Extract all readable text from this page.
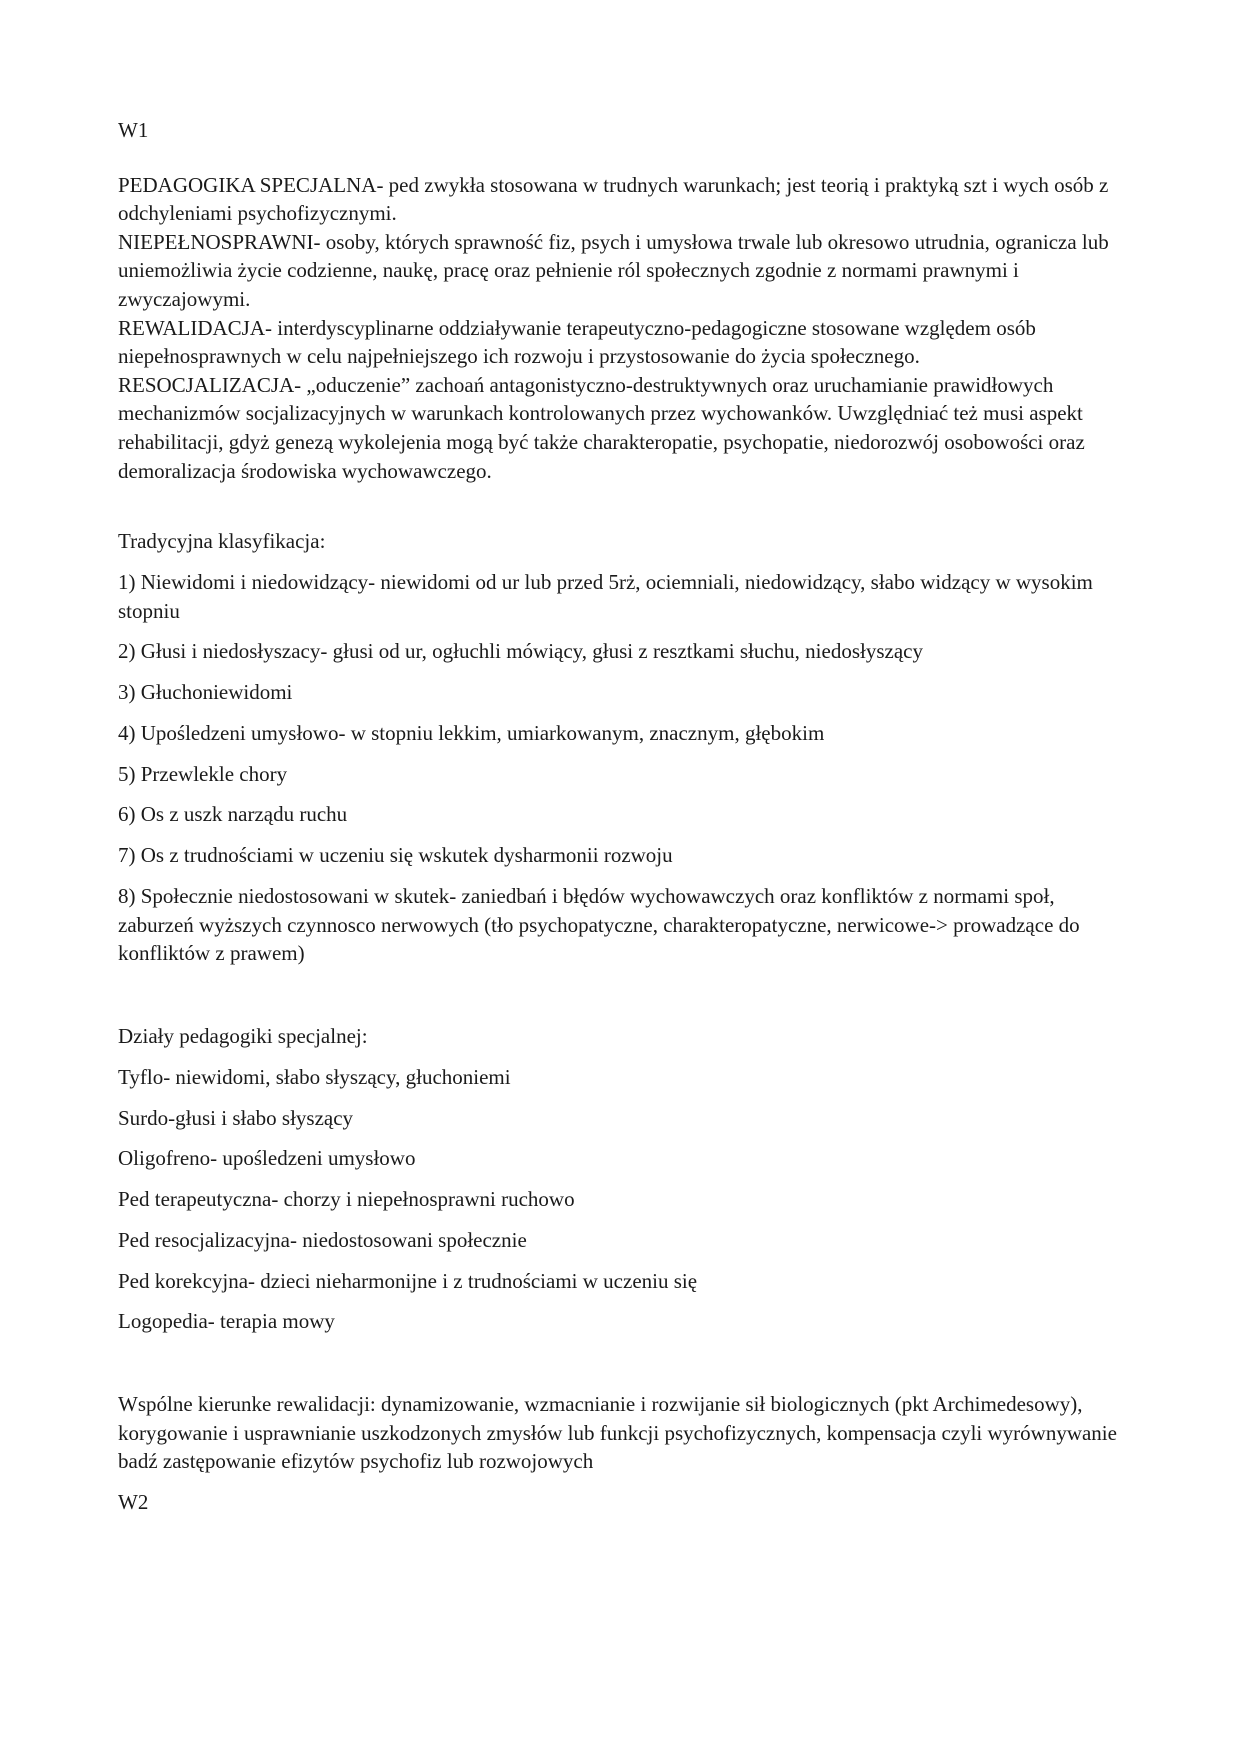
W1

PEDAGOGIKA SPECJALNA- ped zwykła stosowana w trudnych warunkach; jest teorią i praktyką szt i wych osób z odchyleniami psychofizycznymi.

NIEPEŁNOSPRAWNI- osoby, których sprawność fiz, psych i umysłowa trwale lub okresowo utrudnia, ogranicza lub uniemożliwia życie codzienne, naukę, pracę oraz pełnienie ról społecznych zgodnie z normami prawnymi i zwyczajowymi.

REWALIDACJA- interdyscyplinarne oddziaływanie terapeutyczno-pedagogiczne stosowane względem osób niepełnosprawnych w celu najpełniejszego ich rozwoju i przystosowanie do życia społecznego.

RESOCJALIZACJA- „oduczenie” zachoań antagonistyczno-destruktywnych oraz uruchamianie prawidłowych mechanizmów socjalizacyjnych w warunkach kontrolowanych przez wychowanków. Uwzględniać też musi aspekt rehabilitacji, gdyż genezą wykolejenia mogą być także charakteropatie, psychopatie, niedorozwój osobowości oraz demoralizacja środowiska wychowawczego.

Tradycyjna klasyfikacja:

1) Niewidomi i niedowidzący- niewidomi od ur lub przed 5rż, ociemniali, niedowidzący, słabo widzący w wysokim stopniu

2) Głusi i niedosłyszacy- głusi od ur, ogłuchli mówiący, głusi z resztkami słuchu, niedosłyszący

3) Głuchoniewidomi

4) Upośledzeni umysłowo- w stopniu lekkim, umiarkowanym, znacznym, głębokim

5) Przewlekle chory

6) Os z uszk narządu ruchu

7) Os z trudnościami w uczeniu się wskutek dysharmonii rozwoju

8) Społecznie niedostosowani w skutek- zaniedbań i błędów wychowawczych oraz konfliktów z normami społ, zaburzeń wyższych czynnosco nerwowych (tło psychopatyczne, charakteropatyczne, nerwicowe-> prowadzące do konfliktów z prawem)

Działy pedagogiki specjalnej:

Tyflo- niewidomi, słabo słyszący, głuchoniemi

Surdo-głusi i słabo słyszący

Oligofreno- upośledzeni umysłowo

Ped terapeutyczna- chorzy i niepełnosprawni ruchowo

Ped resocjalizacyjna- niedostosowani społecznie

Ped korekcyjna- dzieci nieharmonijne i z trudnościami w uczeniu się

Logopedia- terapia mowy

Wspólne kierunke rewalidacji: dynamizowanie, wzmacnianie i rozwijanie sił biologicznych (pkt Archimedesowy), korygowanie i usprawnianie uszkodzonych zmysłów lub funkcji psychofizycznych, kompensacja czyli wyrównywanie badź zastępowanie efizytów psychofiz lub rozwojowych

W2
